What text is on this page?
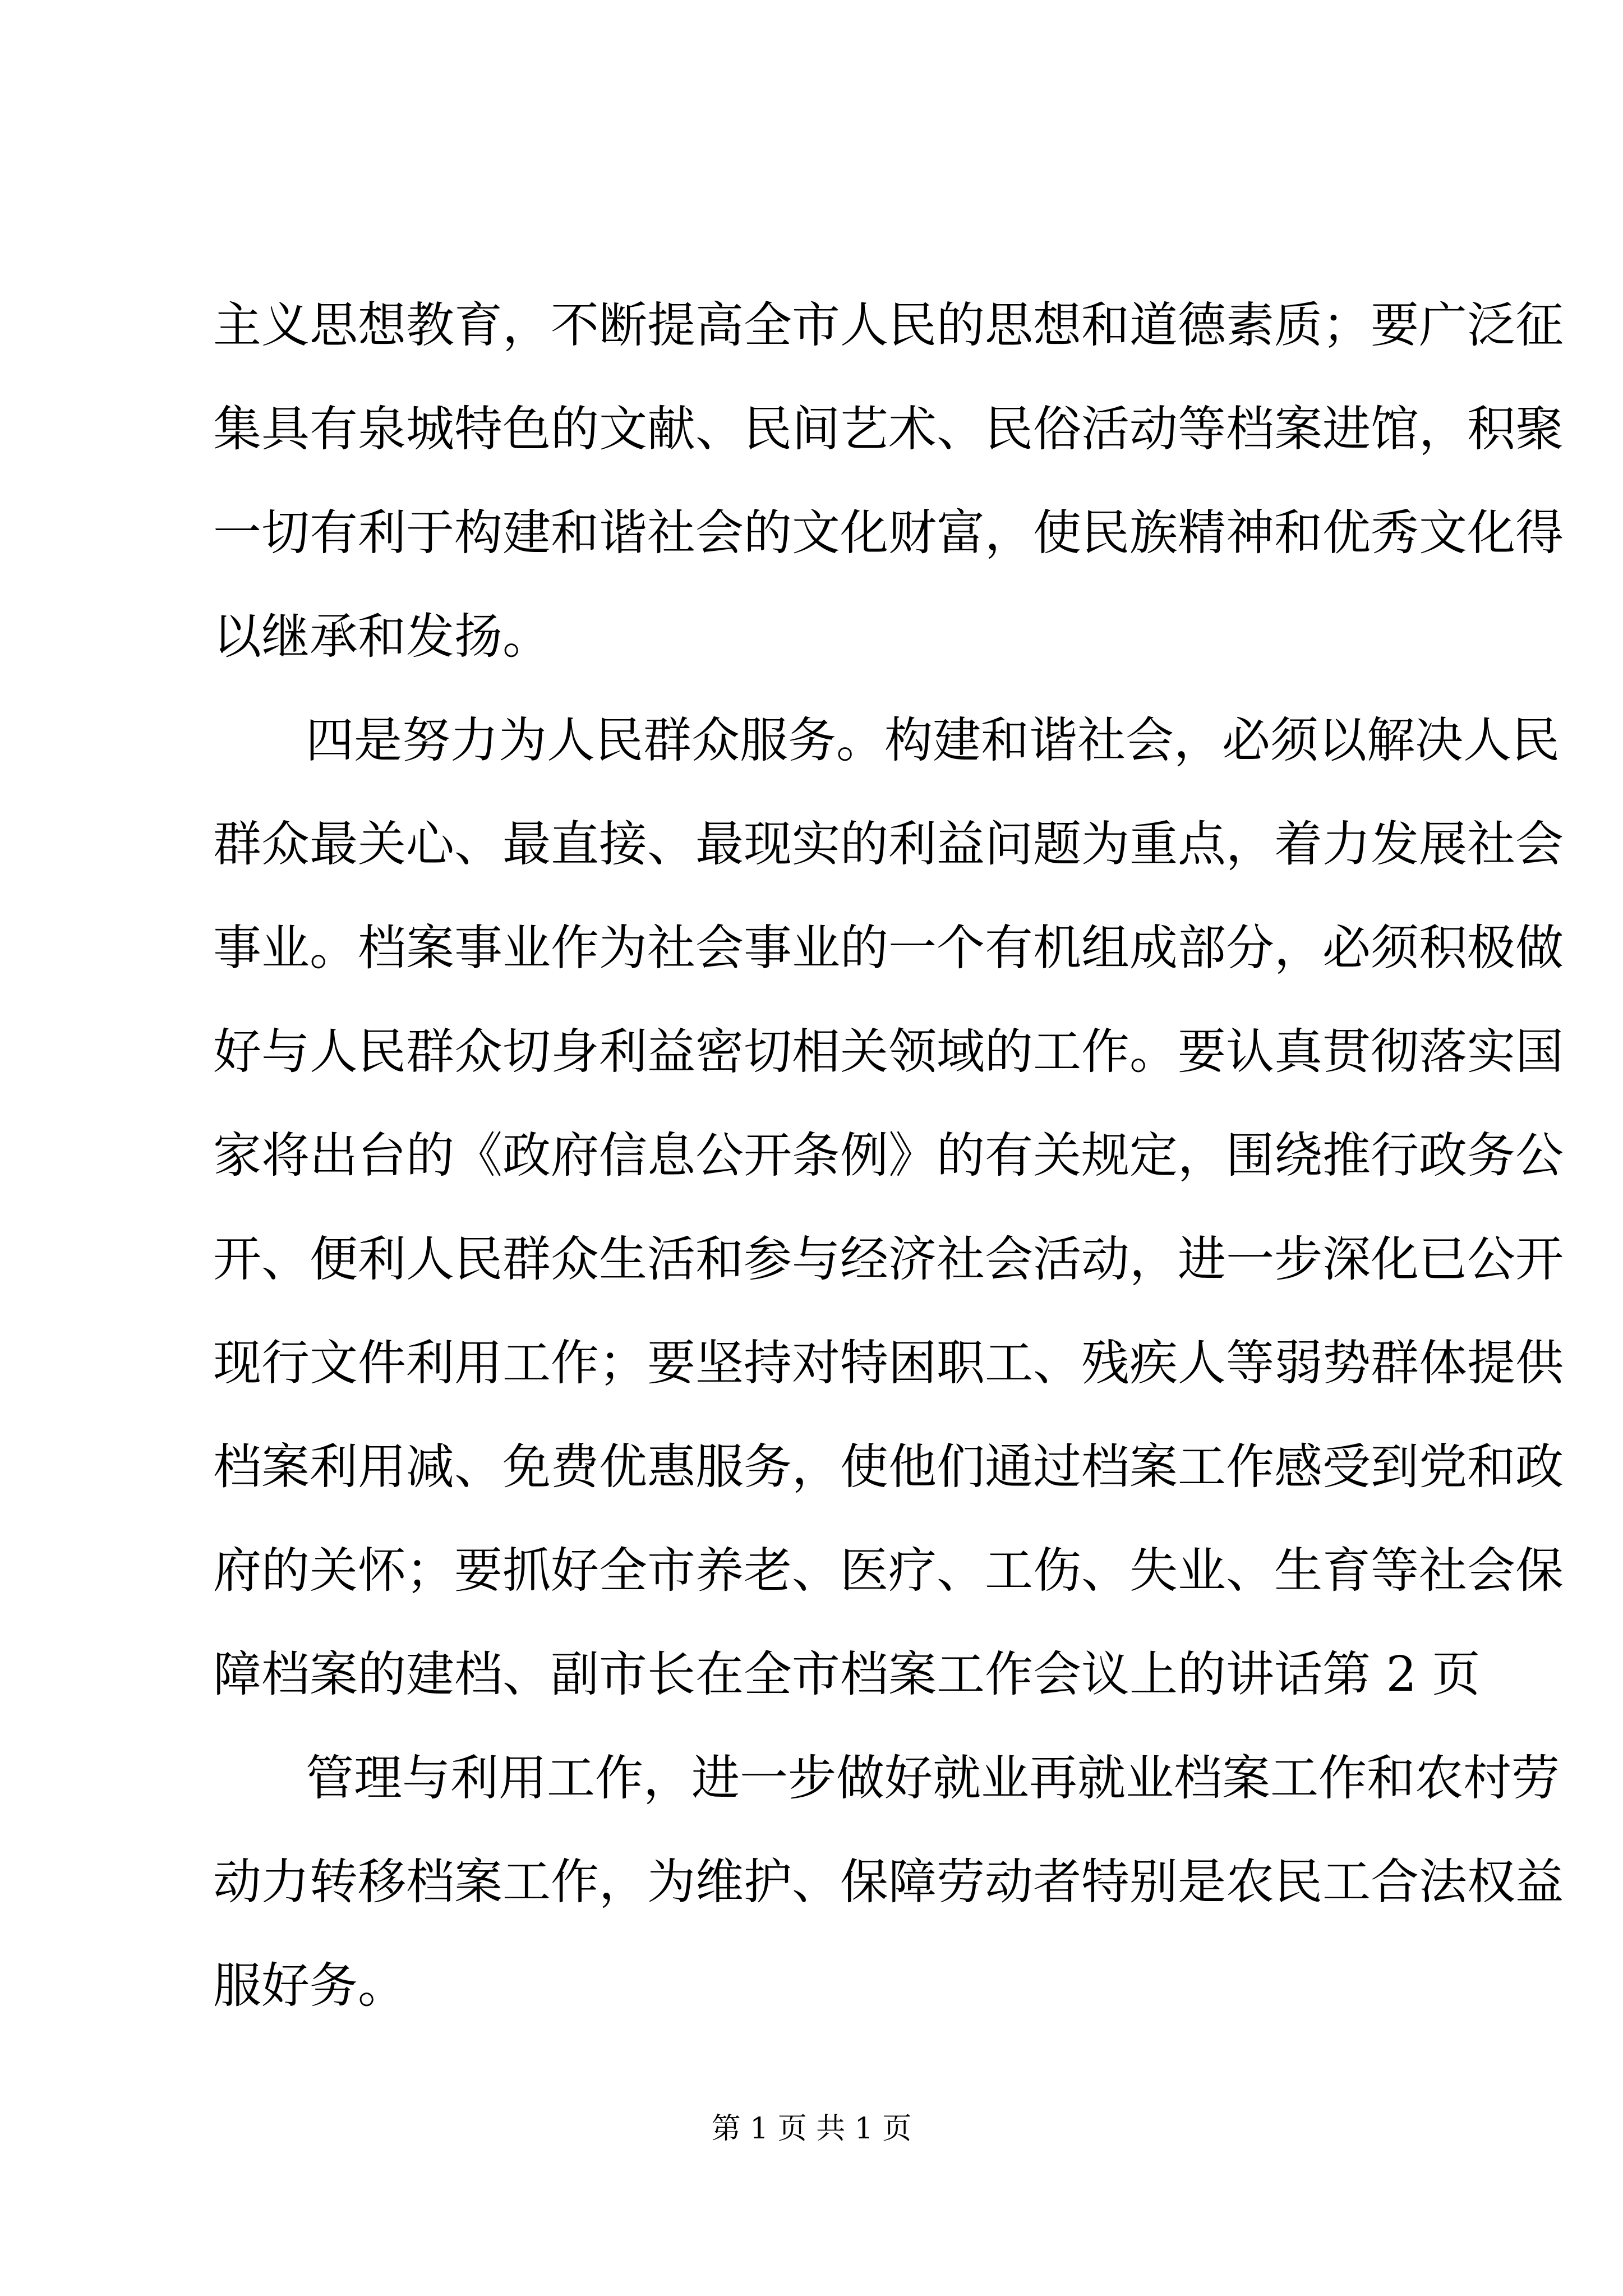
主义思想教育，不断提高全市人民的思想和道德素质；要广泛征
集具有泉城特色的文献、民间艺术、民俗活动等档案进馆，积聚
一切有利于构建和谐社会的文化财富，使民族精神和优秀文化得
以继承和发扬。
四是努力为人民群众服务。构建和谐社会，必须以解决人民
群众最关心、最直接、最现实的利益问题为重点，着力发展社会
事业。档案事业作为社会事业的一个有机组成部分，必须积极做
好与人民群众切身利益密切相关领域的工作。要认真贯彻落实国
家将出台的《政府信息公开条例》的有关规定，围绕推行政务公
开、便利人民群众生活和参与经济社会活动，进一步深化已公开
现行文件利用工作；要坚持对特困职工、残疾人等弱势群体提供
档案利用减、免费优惠服务，使他们通过档案工作感受到党和政
府的关怀；要抓好全市养老、医疗、工伤、失业、生育等社会保
障档案的建档、副市长在全市档案工作会议上的讲话第 2 页
管理与利用工作，进一步做好就业再就业档案工作和农村劳
动力转移档案工作，为维护、保障劳动者特别是农民工合法权益
服好务。
第 1 页 共 1 页
